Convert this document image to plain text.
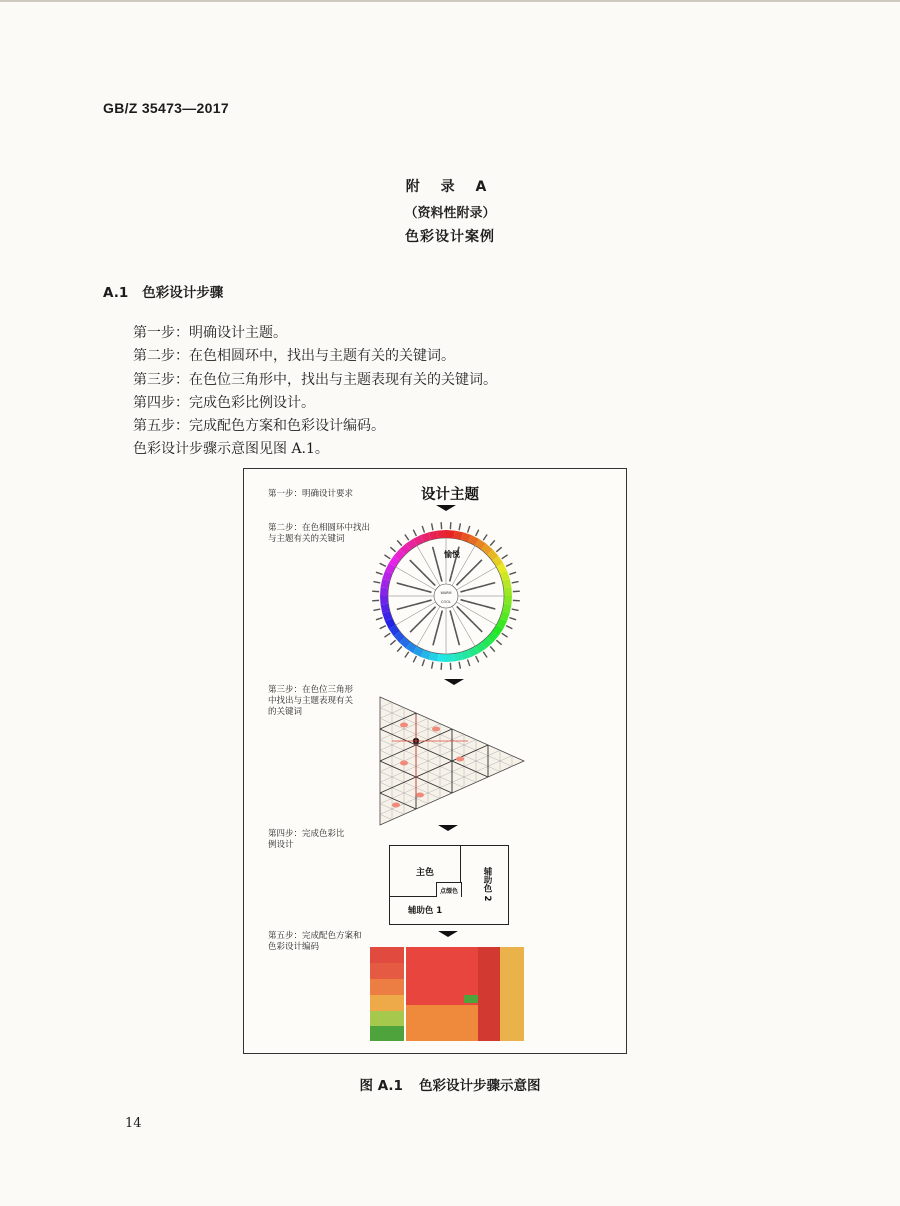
GB/Z 35473—2017
附 录 A
（资料性附录）
色彩设计案例
A.1 色彩设计步骤
第一步：明确设计主题。
第二步：在色相圆环中，找出与主题有关的关键词。
第三步：在色位三角形中，找出与主题表现有关的关键词。
第四步：完成色彩比例设计。
第五步：完成配色方案和色彩设计编码。
色彩设计步骤示意图见图 A.1。
第一步：明确设计要求	设计主题
第二步：在色相圆环中找出与主题有关的关键词
WARM
COOL
愉悦
第三步：在色位三角形中找出与主题表现有关的关键词
第四步：完成色彩比例设计
主色
点缀色
辅助色 1
辅助色 2
第五步：完成配色方案和色彩设计编码
图 A.1 色彩设计步骤示意图
14
